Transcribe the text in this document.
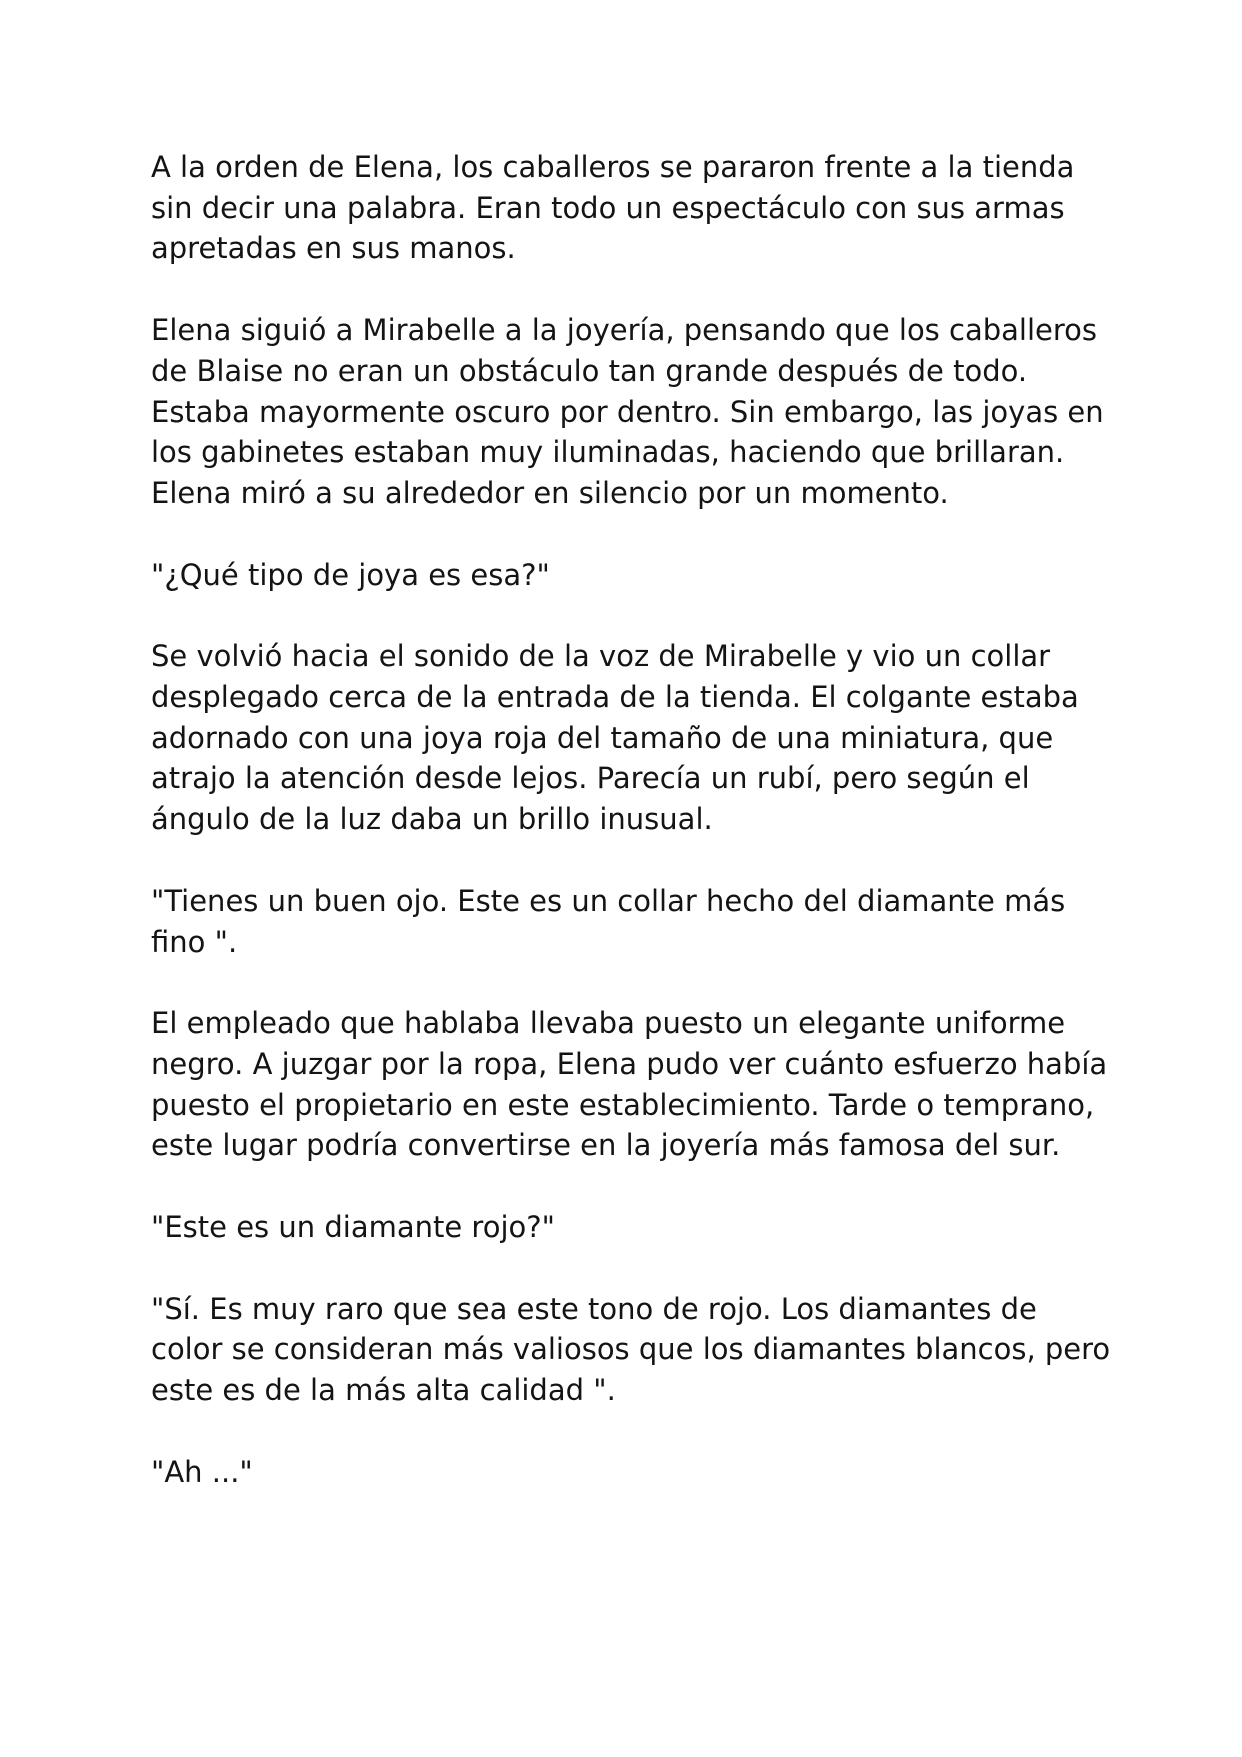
A la orden de Elena, los caballeros se pararon frente a la tienda sin decir una palabra. Eran todo un espectáculo con sus armas apretadas en sus manos.

Elena siguió a Mirabelle a la joyería, pensando que los caballeros de Blaise no eran un obstáculo tan grande después de todo. Estaba mayormente oscuro por dentro. Sin embargo, las joyas en los gabinetes estaban muy iluminadas, haciendo que brillaran. Elena miró a su alrededor en silencio por un momento.

"¿Qué tipo de joya es esa?"

Se volvió hacia el sonido de la voz de Mirabelle y vio un collar desplegado cerca de la entrada de la tienda. El colgante estaba adornado con una joya roja del tamaño de una miniatura, que atrajo la atención desde lejos. Parecía un rubí, pero según el ángulo de la luz daba un brillo inusual.

"Tienes un buen ojo. Este es un collar hecho del diamante más fino ".

El empleado que hablaba llevaba puesto un elegante uniforme negro. A juzgar por la ropa, Elena pudo ver cuánto esfuerzo había puesto el propietario en este establecimiento. Tarde o temprano, este lugar podría convertirse en la joyería más famosa del sur.

"Este es un diamante rojo?"

"Sí. Es muy raro que sea este tono de rojo. Los diamantes de color se consideran más valiosos que los diamantes blancos, pero este es de la más alta calidad ".

"Ah ..."
